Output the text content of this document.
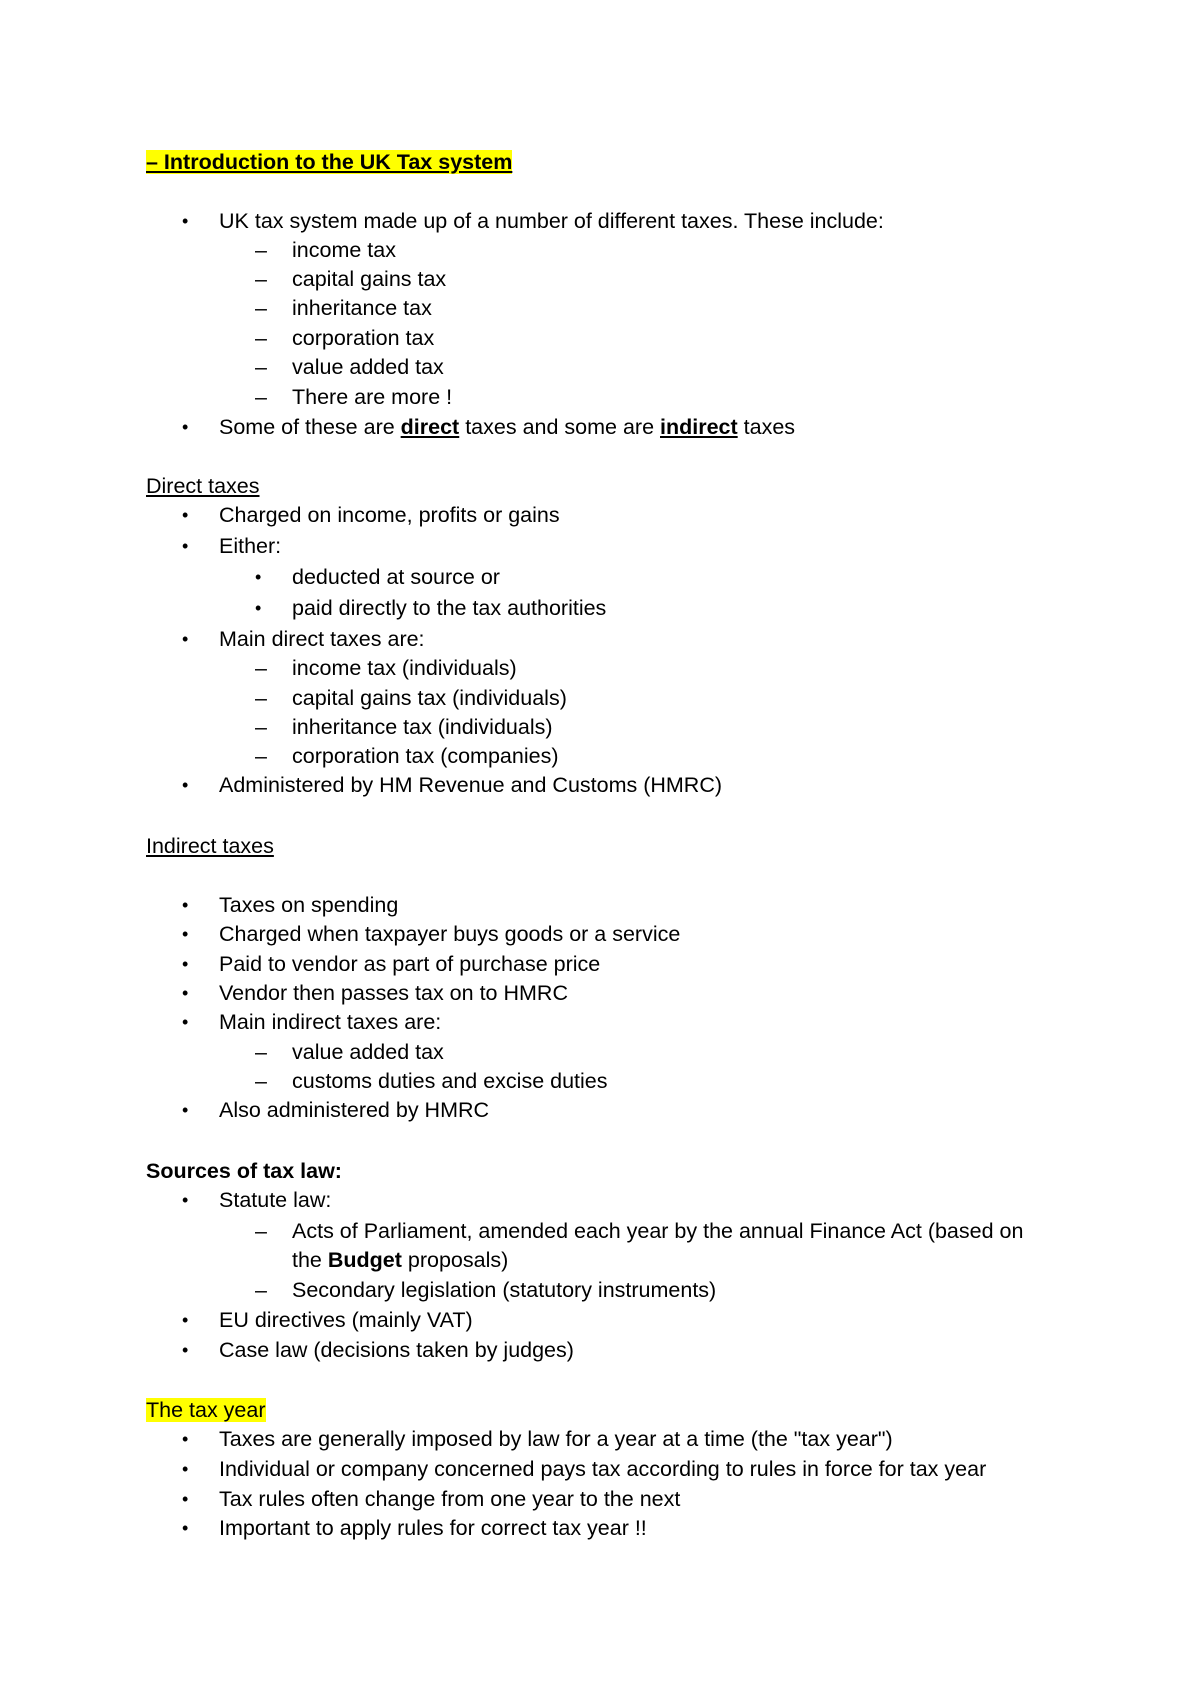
– Introduction to the UK Tax system
• UK tax system made up of a number of different taxes. These include:
– income tax
– capital gains tax
– inheritance tax
– corporation tax
– value added tax
– There are more !
• Some of these are direct taxes and some are indirect taxes
Direct taxes
• Charged on income, profits or gains
• Either:
• deducted at source or
• paid directly to the tax authorities
• Main direct taxes are:
– income tax (individuals)
– capital gains tax (individuals)
– inheritance tax (individuals)
– corporation tax (companies)
• Administered by HM Revenue and Customs (HMRC)
Indirect taxes
• Taxes on spending
• Charged when taxpayer buys goods or a service
• Paid to vendor as part of purchase price
• Vendor then passes tax on to HMRC
• Main indirect taxes are:
– value added tax
– customs duties and excise duties
• Also administered by HMRC
Sources of tax law:
• Statute law:
– Acts of Parliament, amended each year by the annual Finance Act (based on
the Budget proposals)
– Secondary legislation (statutory instruments)
• EU directives (mainly VAT)
• Case law (decisions taken by judges)
The tax year
• Taxes are generally imposed by law for a year at a time (the "tax year")
• Individual or company concerned pays tax according to rules in force for tax year
• Tax rules often change from one year to the next
• Important to apply rules for correct tax year !!
